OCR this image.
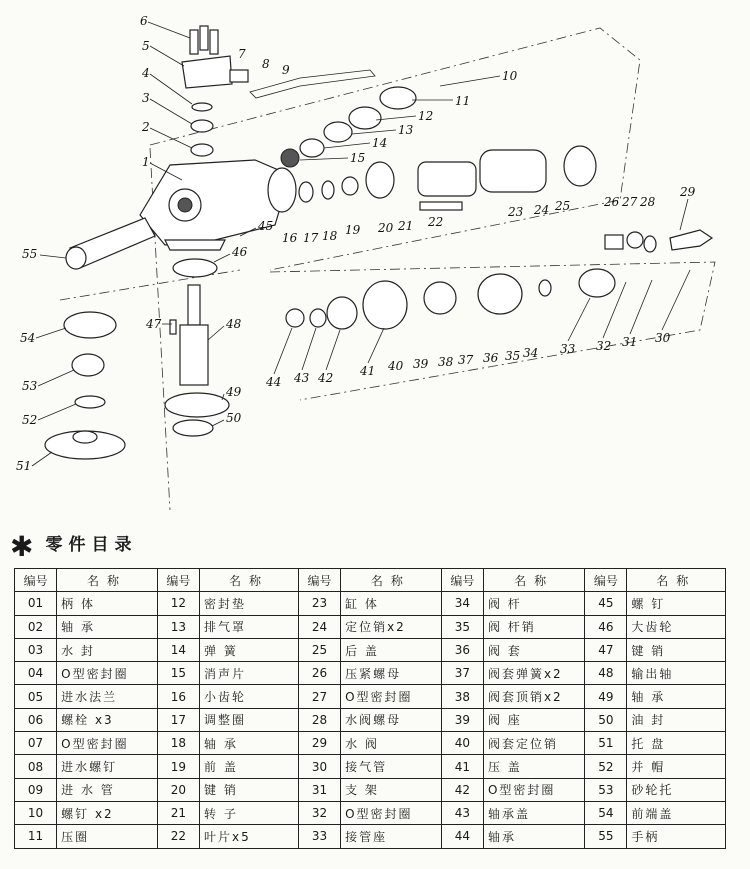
6
5
4
3
2
1
7
8 9	10
11
12
13
14
15
16 17 18 19 20 21 22
23 24 25	26 27 28
29
30
31
32
33
34
35
36
37
38
39
40
41
42
43
44
45
46
47	48
49
50
51
52
53
54
55
✱ 零件目录
编号	名称	编号	名称	编号	名称	编号	名称	编号	名称
01	柄 体	12	密封垫	23	缸 体	34	阀 杆	45	螺 钉
02	轴 承	13	排气罩	24	定位销x2	35	阀 杆销	46	大齿轮
03	水 封	14	弹 簧	25	后 盖	36	阀 套	47	键 销
04	O型密封圈	15	消声片	26	压紧螺母	37	阀套弹簧x2	48	输出轴
05	进水法兰	16	小齿轮	27	O型密封圈	38	阀套顶销x2	49	轴 承
06	螺栓 x3	17	调整圈	28	水阀螺母	39	阀 座	50	油 封
07	O型密封圈	18	轴 承	29	水 阀	40	阀套定位销	51	托 盘
08	进水螺钉	19	前 盖	30	接气管	41	压 盖	52	并 帽
09	进 水 管	20	键 销	31	支 架	42	O型密封圈	53	砂轮托
10	螺钉 x2	21	转 子	32	O型密封圈	43	轴承盖	54	前端盖
11	压圈	22	叶片x5	33	接管座	44	轴承	55	手柄
